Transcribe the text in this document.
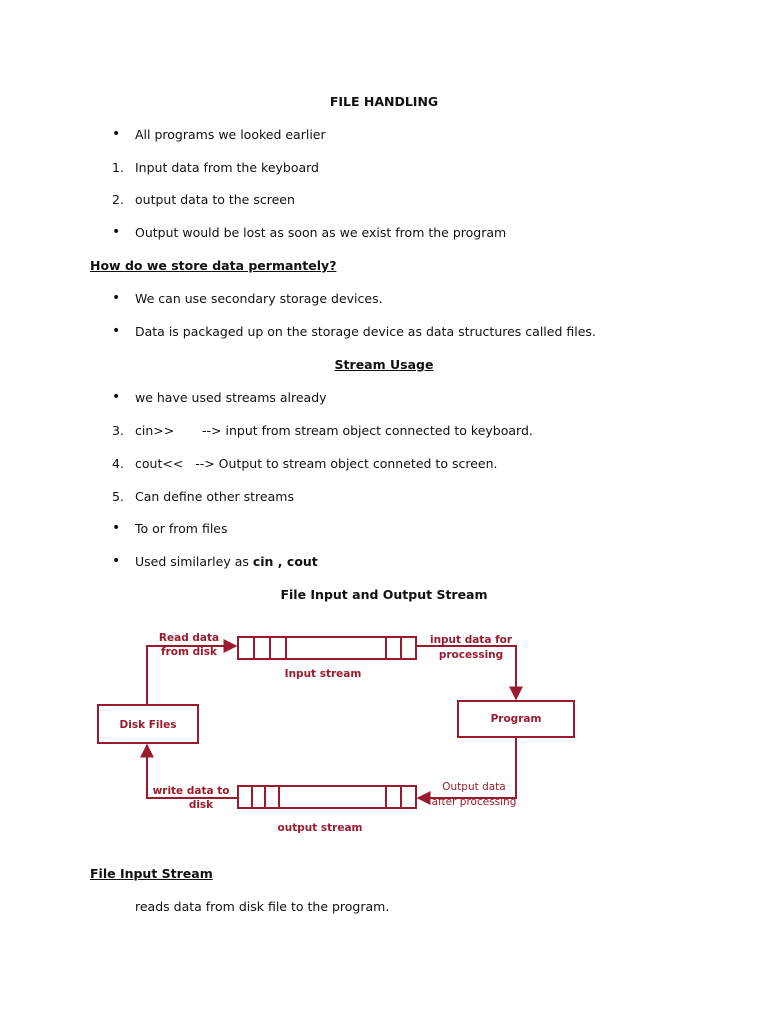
FILE HANDLING
• All programs we looked earlier
1. Input data from the keyboard
2. output data to the screen
• Output would be lost as soon as we exist from the program
How do we store data permantely?
• We can use secondary storage devices.
• Data is packaged up on the storage device as data structures called files.
Stream Usage
• we have used streams already
3. cin>>       --> input from stream object connected to keyboard.
4. cout<<   --> Output to stream object conneted to screen.
5. Can define other streams
• To or from files
• Used similarley as cin , cout
File Input and Output Stream
Read data
from disk
Input stream
input data for
processing
Disk Files	Program
write data to
disk
output stream
Output data
after processing
File Input Stream
reads data from disk file to the program.
